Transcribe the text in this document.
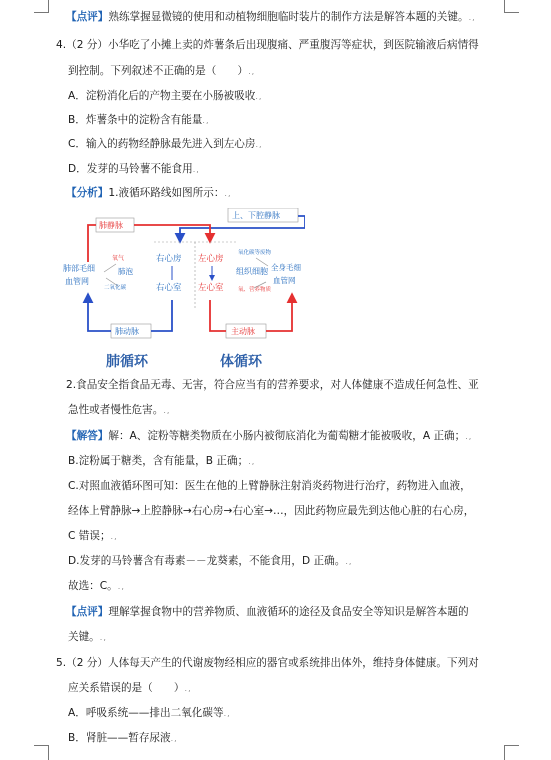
【点评】熟练掌握显微镜的使用和动植物细胞临时装片的制作方法是解答本题的关键。.,
4.（2 分）小华吃了小摊上卖的炸薯条后出现腹痛、严重腹泻等症状，到医院输液后病情得
到控制。下列叙述不正确的是（　　）.,
A．淀粉消化后的产物主要在小肠被吸收.,
B．炸薯条中的淀粉含有能量.,
C．输入的药物经静脉最先进入到左心房.,
D．发芽的马铃薯不能食用.,
【分析】1.液循环路线如图所示：.,
上、下腔静脉
肺静脉
氧气
肺泡
二氧化碳
肺部毛细
血管网
右心房
右心室
左心房
左心室
组织细胞
氧化碳等废物
氧、营养物质
全身毛细
血管网
肺动脉	主动脉
肺循环	体循环
2.食品安全指食品无毒、无害，符合应当有的营养要求，对人体健康不造成任何急性、亚
急性或者慢性危害。.,
【解答】解：A、淀粉等糖类物质在小肠内被彻底消化为葡萄糖才能被吸收，A 正确；.,
B.淀粉属于糖类，含有能量，B 正确；.,
C.对照血液循环图可知：医生在他的上臂静脉注射消炎药物进行治疗，药物进入血液，
经体上臂静脉→上腔静脉→右心房→右心室→…，因此药物应最先到达他心脏的右心房，
C 错误；.,
D.发芽的马铃薯含有毒素－－龙葵素，不能食用，D 正确。.,
故选：C。.,
【点评】理解掌握食物中的营养物质、血液循环的途径及食品安全等知识是解答本题的
关键。.,
5.（2 分）人体每天产生的代谢废物经相应的器官或系统排出体外，维持身体健康。下列对
应关系错误的是（　　）.,
A．呼吸系统——排出二氧化碳等.,
B．肾脏——暂存尿液.,
